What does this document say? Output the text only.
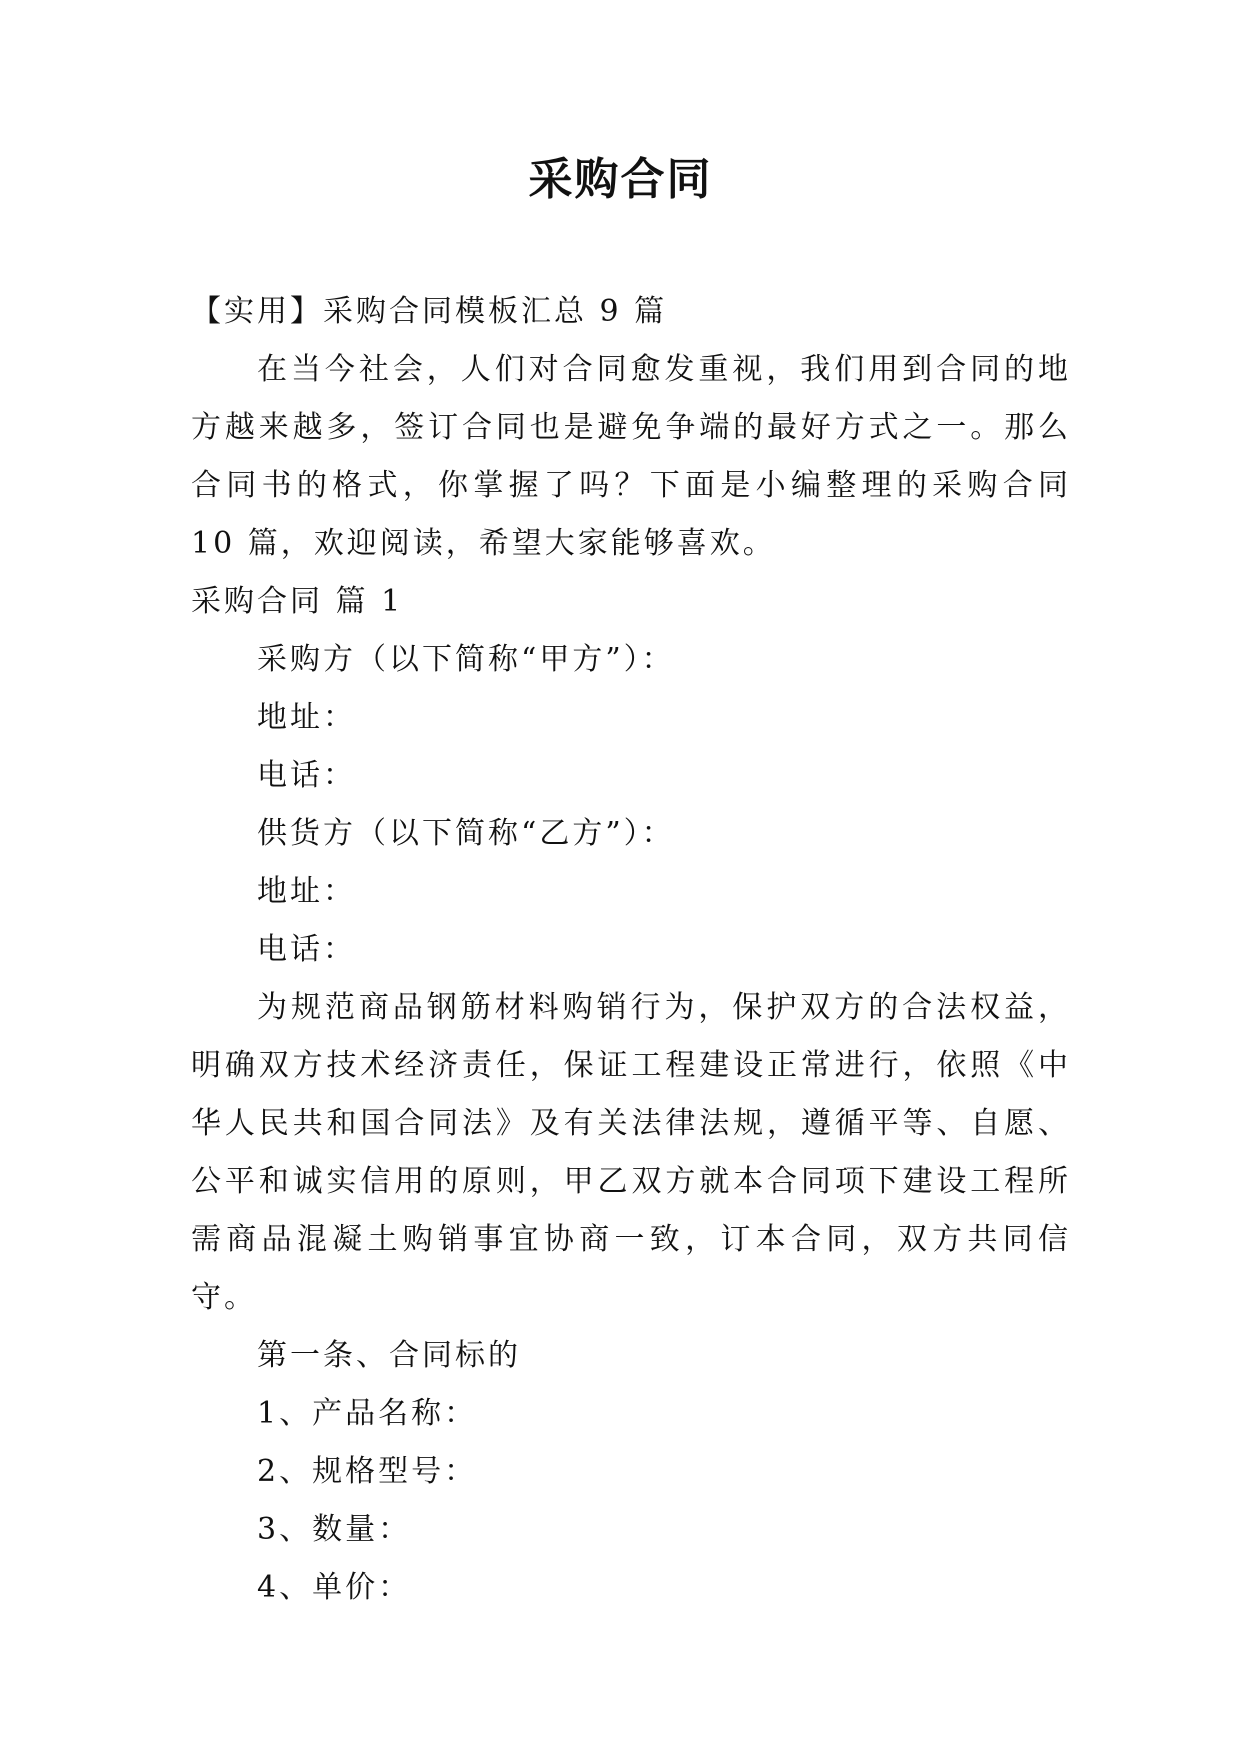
采购合同
【实用】采购合同模板汇总 9 篇

在当今社会，人们对合同愈发重视，我们用到合同的地方越来越多，签订合同也是避免争端的最好方式之一。那么合同书的格式，你掌握了吗？下面是小编整理的采购合同 10 篇，欢迎阅读，希望大家能够喜欢。

采购合同 篇 1
采购方（以下简称“甲方”）：
地址：
电话：
供货方（以下简称“乙方”）：
地址：
电话：

为规范商品钢筋材料购销行为，保护双方的合法权益，明确双方技术经济责任，保证工程建设正常进行，依照《中华人民共和国合同法》及有关法律法规，遵循平等、自愿、公平和诚实信用的原则，甲乙双方就本合同项下建设工程所需商品混凝土购销事宜协商一致，订本合同，双方共同信守。

第一条、合同标的
1、产品名称：
2、规格型号：
3、数量：
4、单价：
